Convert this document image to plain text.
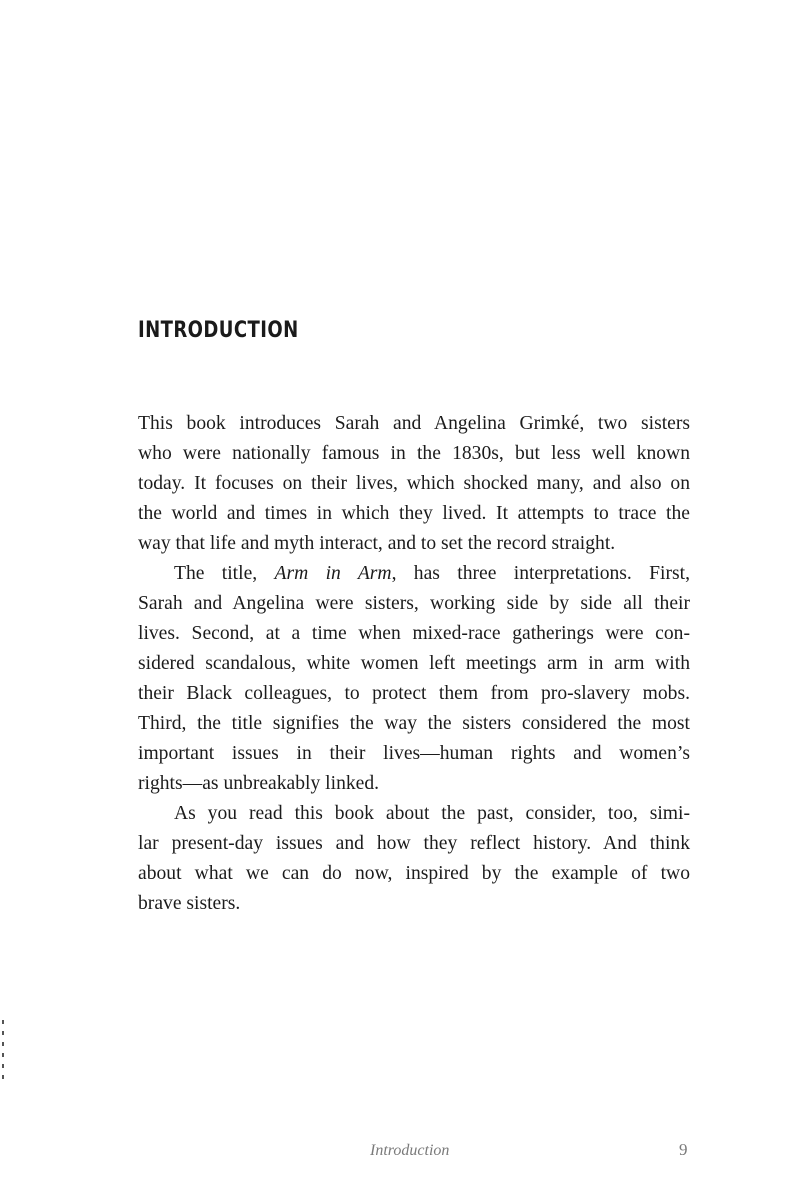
INTRODUCTION
This book introduces Sarah and Angelina Grimké, two sisters
who were nationally famous in the 1830s, but less well known
today. It focuses on their lives, which shocked many, and also on
the world and times in which they lived. It attempts to trace the
way that life and myth interact, and to set the record straight.
The title, Arm in Arm, has three interpretations. First,
Sarah and Angelina were sisters, working side by side all their
lives. Second, at a time when mixed-race gatherings were con-
sidered scandalous, white women left meetings arm in arm with
their Black colleagues, to protect them from pro-slavery mobs.
Third, the title signifies the way the sisters considered the most
important issues in their lives—human rights and women’s
rights—as unbreakably linked.
As you read this book about the past, consider, too, simi-
lar present-day issues and how they reflect history. And think
about what we can do now, inspired by the example of two
brave sisters.
Introduction	9
